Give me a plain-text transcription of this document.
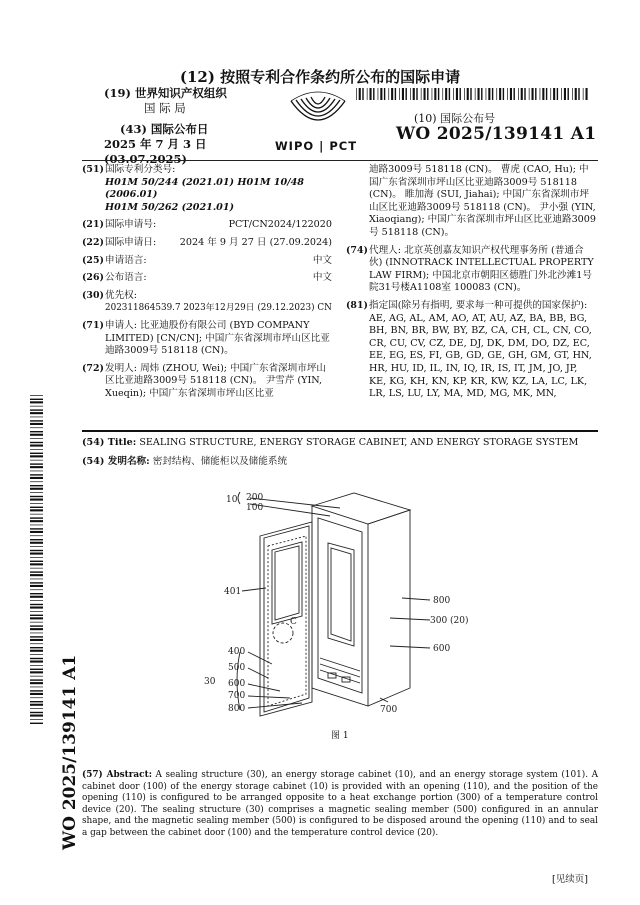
(12) 按照专利合作条约所公布的国际申请
(19) 世界知识产权组织
国 际 局
(43) 国际公布日
2025 年 7 月 3 日 (03.07.2025)
WIPO | PCT
(10) 国际公布号
WO 2025/139141 A1
(51) 国际专利分类号:
H01M 50/244 (2021.01) H01M 10/48 (2006.01)
H01M 50/262 (2021.01)
(21) 国际申请号:	PCT/CN2024/122020
(22) 国际申请日: 2024 年 9 月 27 日 (27.09.2024)
(25) 申请语言:	中文
(26) 公布语言:	中文
(30) 优先权:
202311864539.7 2023年12月29日 (29.12.2023) CN
(71) 申请人: 比亚迪股份有限公司 (BYD COMPANY LIMITED) [CN/CN]; 中国广东省深圳市坪山区比亚迪路3009号 518118 (CN)。
(72) 发明人: 周炜 (ZHOU, Wei); 中国广东省深圳市坪山区比亚迪路3009号 518118 (CN)。 尹雪芹 (YIN, Xueqin); 中国广东省深圳市坪山区比亚
迪路3009号 518118 (CN)。 曹虎 (CAO, Hu); 中国广东省深圳市坪山区比亚迪路3009号 518118 (CN)。 睢加海 (SUI, Jiahai); 中国广东省深圳市坪山区比亚迪路3009号 518118 (CN)。 尹小强 (YIN, Xiaoqiang); 中国广东省深圳市坪山区比亚迪路3009号 518118 (CN)。
(74) 代理人: 北京英创嘉友知识产权代理事务所 (普通合伙) (INNOTRACK INTELLECTUAL PROPERTY LAW FIRM); 中国北京市朝阳区德胜门外北沙滩1号院31号楼A1108室 100083 (CN)。
(81) 指定国(除另有指明, 要求每一种可提供的国家保护): AE, AG, AL, AM, AO, AT, AU, AZ, BA, BB, BG, BH, BN, BR, BW, BY, BZ, CA, CH, CL, CN, CO, CR, CU, CV, CZ, DE, DJ, DK, DM, DO, DZ, EC, EE, EG, ES, FI, GB, GD, GE, GH, GM, GT, HN, HR, HU, ID, IL, IN, IQ, IR, IS, IT, JM, JO, JP, KE, KG, KH, KN, KP, KR, KW, KZ, LA, LC, LK, LR, LS, LU, LY, MA, MD, MG, MK, MN,
(54) Title: SEALING STRUCTURE, ENERGY STORAGE CABINET, AND ENERGY STORAGE SYSTEM
(54) 发明名称: 密封结构、储能柜以及储能系统
10 200
100
401
800
300 (20)
600
400
500
30 600
700
800	700
C
图 1
(57) Abstract: A sealing structure (30), an energy storage cabinet (10), and an energy storage system (101). A cabinet door (100) of the energy storage cabinet (10) is provided with an opening (110), and the position of the opening (110) is configured to be arranged opposite to a heat exchange portion (300) of a temperature control device (20). The sealing structure (30) comprises a magnetic sealing member (500) configured in an annular shape, and the magnetic sealing member (500) is configured to be disposed around the opening (110) and to seal a gap between the cabinet door (100) and the temperature control device (20).
WO 2025/139141 A1
[见续页]
